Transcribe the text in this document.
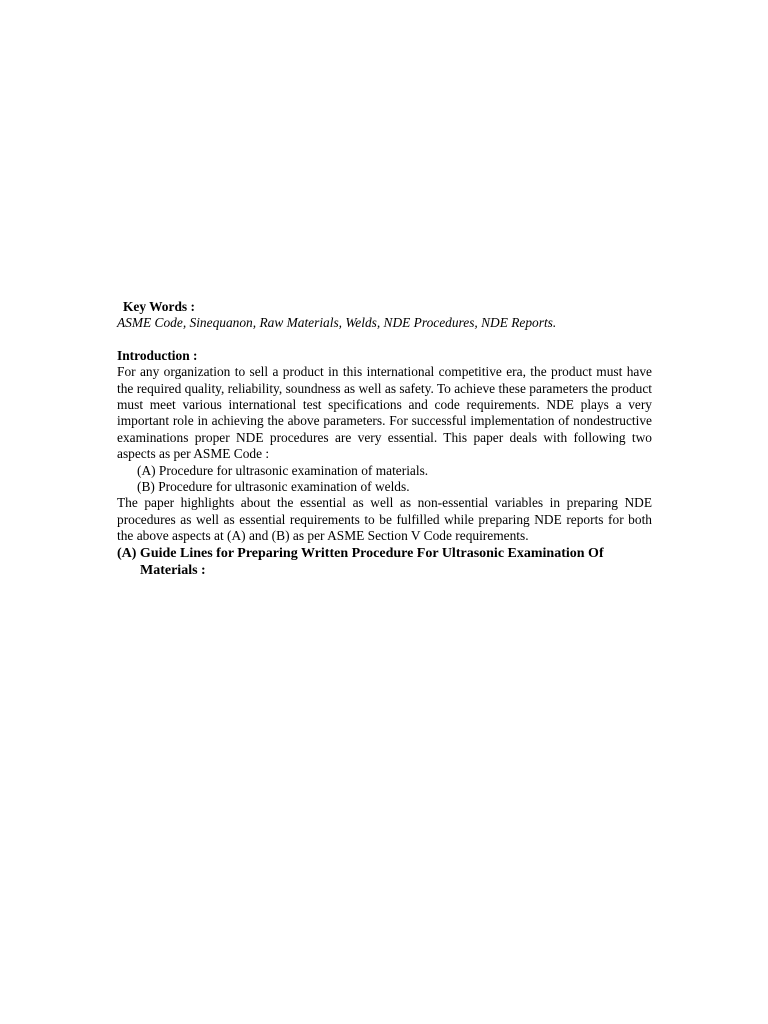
Key Words :
ASME Code, Sinequanon, Raw Materials, Welds, NDE Procedures, NDE Reports.
Introduction :
For any organization to sell a product in this international competitive era, the product must have the required quality, reliability, soundness as well as safety. To achieve these parameters the product must meet various international test specifications and code requirements. NDE plays a very important role in achieving the above parameters. For successful implementation of nondestructive examinations proper NDE procedures are very essential. This paper deals with following two aspects as per ASME Code :
(A) Procedure for ultrasonic examination of materials.
(B) Procedure for ultrasonic examination of welds.
The paper highlights about the essential as well as non-essential variables in preparing NDE procedures as well as essential requirements to be fulfilled while preparing NDE reports for both the above aspects at (A) and (B) as per ASME Section V Code requirements.
(A) Guide Lines for Preparing Written Procedure For Ultrasonic Examination Of
Materials :
